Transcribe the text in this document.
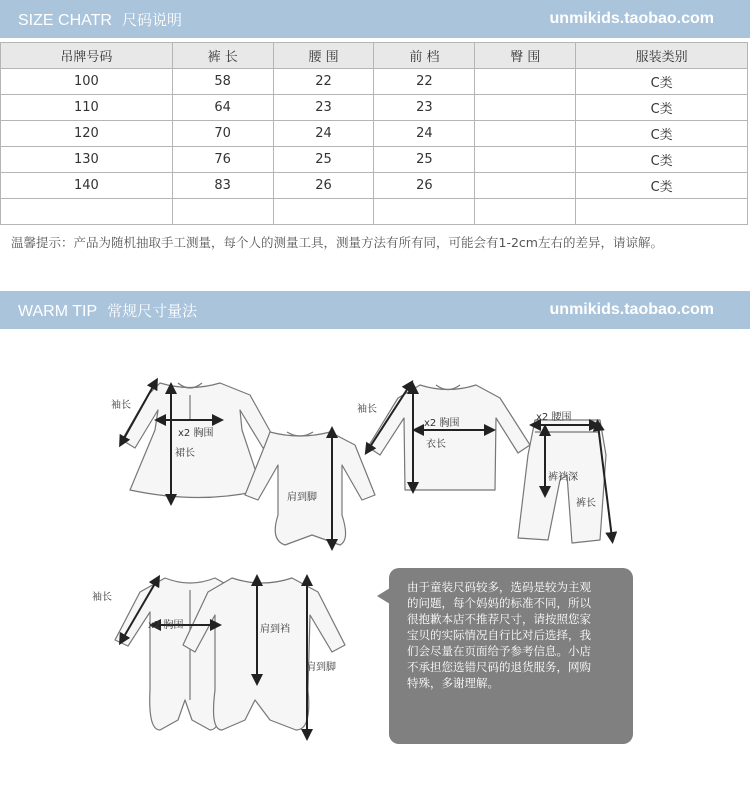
SIZE CHATR 尺码说明	unmikids.taobao.com
吊牌号码	裤 长	腰 围	前 档	臀 围	服装类别
100	58	22	22		C类
110	64	23	23		C类
120	70	24	24		C类
130	76	25	25		C类
140	83	26	26		C类

温馨提示：产品为随机抽取手工测量，每个人的测量工具，测量方法有所有同，可能会有1-2cm左右的差异，请谅解。
WARM TIP 常规尺寸量法	unmikids.taobao.com
袖长
x2 胸围
裙长
肩到脚
袖长
x2 胸围
衣长
x2 腰围
裤裆深
裤长
袖长
x2 胸围	肩到裆
肩到脚
由于童装尺码较多，选码是较为主观
的问题，每个妈妈的标准不同，所以
很抱歉本店不推荐尺寸，请按照您家
宝贝的实际情况自行比对后选择，我
们会尽量在页面给予参考信息。小店
不承担您选错尺码的退货服务，网购
特殊，多谢理解。
